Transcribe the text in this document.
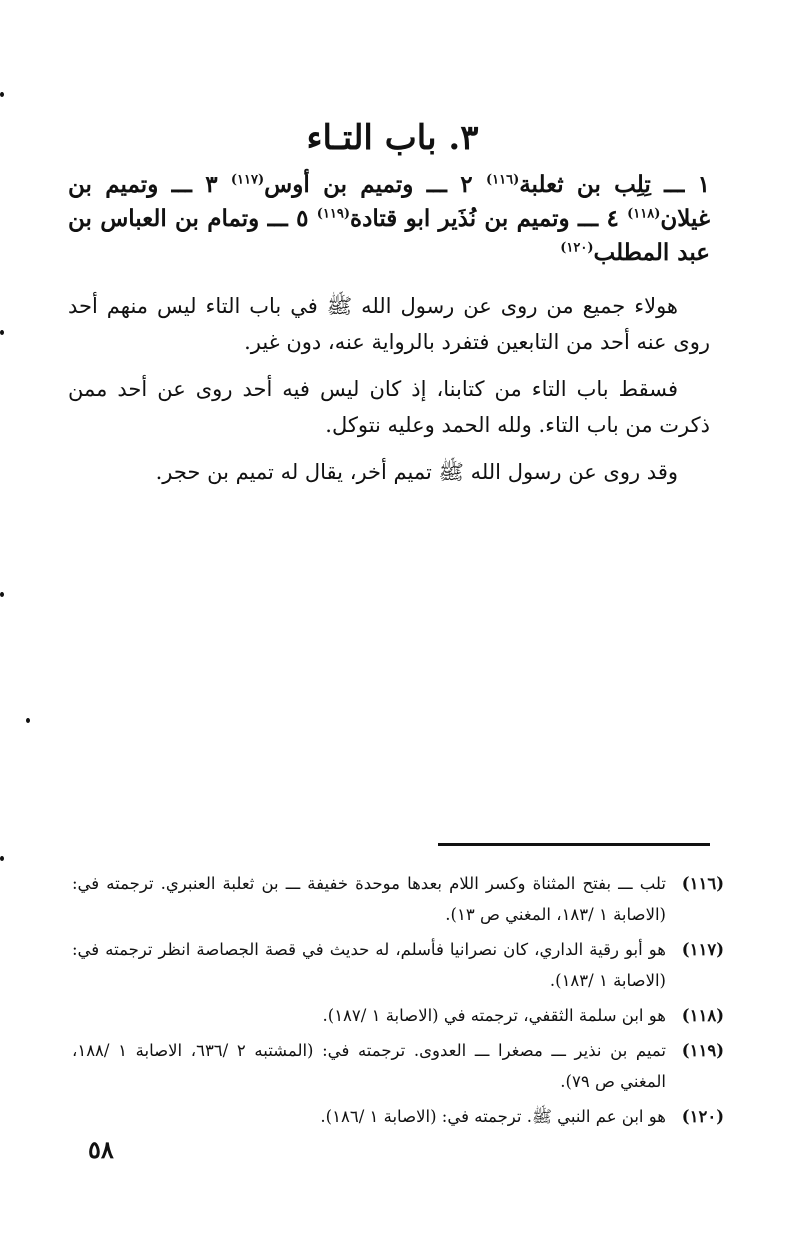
٣. باب التـاء
١ ـــ تِلِب بن ثعلبة$^{(١١٦)}$ ٢ ـــ وتميم بن أوس$^{(١١٧)}$ ٣ ـــ وتميم بن غيلان$^{(١١٨)}$ ٤ ـــ وتميم بن نُذَير ابو قتادة$^{(١١٩)}$ ٥ ـــ وتمام بن العباس بن عبد المطلب$^{(١٢٠)}$

هولاء جميع من روى عن رسول الله ﷺ في باب التاء ليس منهم أحد روى عنه أحد من التابعين فتفرد بالرواية عنه، دون غير.

فسقط باب التاء من كتابنا، إذ كان ليس فيه أحد روى عن أحد ممن ذكرت من باب التاء. ولله الحمد وعليه نتوكل.

وقد روى عن رسول الله ﷺ تميم أخر، يقال له تميم بن حجر.

(١١٦)
تلب ـــ بفتح المثناة وكسر اللام بعدها موحدة خفيفة ـــ بن ثعلبة العنبري. ترجمته في: (الاصابة ١ /١٨٣، المغني ص ١٣).
(١١٧)
هو أبو رقية الداري، كان نصرانيا فأسلم، له حديث في قصة الجصاصة انظر ترجمته في: (الاصابة ١ /١٨٣).
(١١٨)
هو ابن سلمة الثقفي، ترجمته في (الاصابة ١ /١٨٧).
(١١٩)
تميم بن نذير ـــ مصغرا ـــ العدوى. ترجمته في: (المشتبه ٢ /٦٣٦، الاصابة ١ /١٨٨، المغني ص ٧٩).
(١٢٠)
هو ابن عم النبي ﷺ. ترجمته في: (الاصابة ١ /١٨٦).
٥٨
